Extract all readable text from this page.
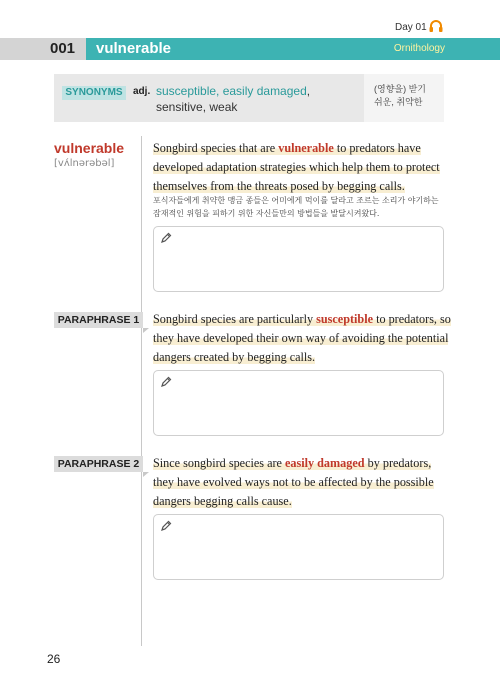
Day 01
001	vulnerable	Ornithology
SYNONYMS	adj. susceptible, easily damaged,
sensitive, weak
(영향을) 받기
쉬운, 취약한
vulnerable
[vʌ́lnərəbəl]
Songbird species that are vulnerable to predators have developed adaptation strategies which help them to protect themselves from the threats posed by begging calls.
포식자들에게 취약한 맹금 종들은 어미에게 먹이를 달라고 조르는 소리가 야기하는 잠재적인 위험을 피하기 위한 자신들만의 방법들을 발달시켜왔다.
PARAPHRASE 1	Songbird species are particularly susceptible to predators, so they have developed their own way of avoiding the potential dangers created by begging calls.
PARAPHRASE 2	Since songbird species are easily damaged by predators, they have evolved ways not to be affected by the possible dangers begging calls cause.
26
